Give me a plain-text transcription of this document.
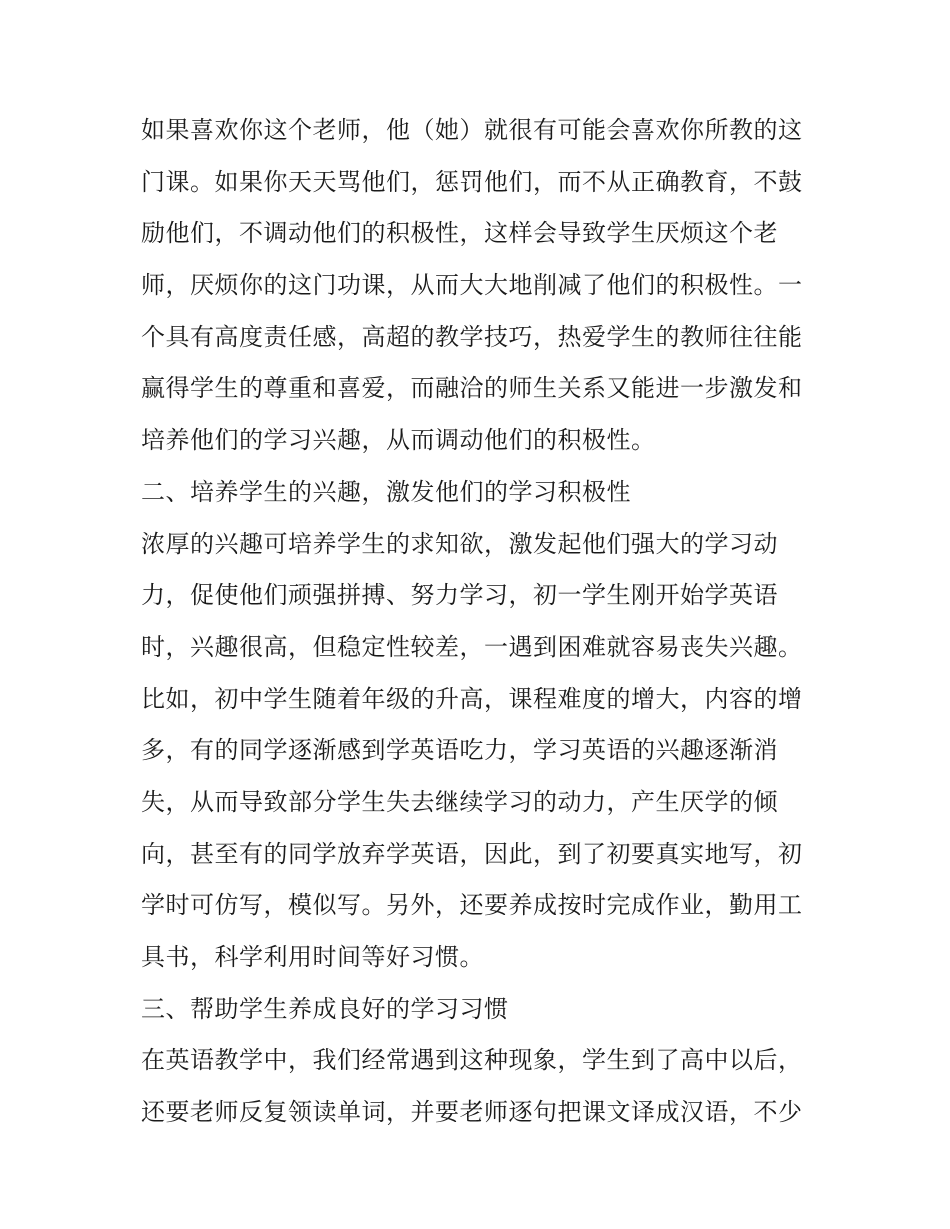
如果喜欢你这个老师，他（她）就很有可能会喜欢你所教的这
门课。如果你天天骂他们，惩罚他们，而不从正确教育，不鼓
励他们，不调动他们的积极性，这样会导致学生厌烦这个老
师，厌烦你的这门功课，从而大大地削减了他们的积极性。一
个具有高度责任感，高超的教学技巧，热爱学生的教师往往能
赢得学生的尊重和喜爱，而融洽的师生关系又能进一步激发和
培养他们的学习兴趣，从而调动他们的积极性。
二、培养学生的兴趣，激发他们的学习积极性
浓厚的兴趣可培养学生的求知欲，激发起他们强大的学习动
力，促使他们顽强拼搏、努力学习，初一学生刚开始学英语
时，兴趣很高，但稳定性较差，一遇到困难就容易丧失兴趣。
比如，初中学生随着年级的升高，课程难度的增大，内容的增
多，有的同学逐渐感到学英语吃力，学习英语的兴趣逐渐消
失，从而导致部分学生失去继续学习的动力，产生厌学的倾
向，甚至有的同学放弃学英语，因此，到了初要真实地写，初
学时可仿写，模似写。另外，还要养成按时完成作业，勤用工
具书，科学利用时间等好习惯。
三、帮助学生养成良好的学习习惯
在英语教学中，我们经常遇到这种现象，学生到了高中以后，
还要老师反复领读单词，并要老师逐句把课文译成汉语，不少
